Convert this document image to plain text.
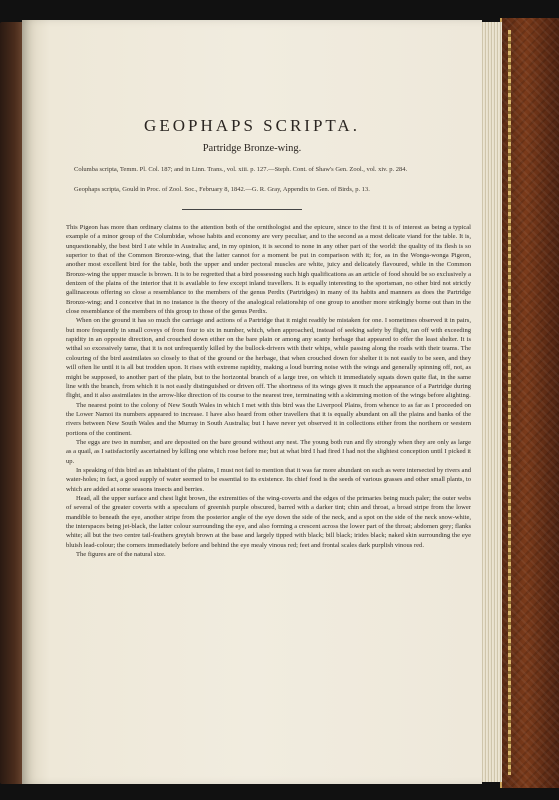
GEOPHAPS SCRIPTA.
Partridge Bronze-wing.
Columba scripta, Temm. Pl. Col. 187; and in Linn. Trans., vol. xiii. p. 127.—Steph. Cont. of Shaw's Gen. Zool., vol. xiv. p. 284.
Geophaps scripta, Gould in Proc. of Zool. Soc., February 8, 1842.—G. R. Gray, Appendix to Gen. of Birds, p. 13.

This Pigeon has more than ordinary claims to the attention both of the ornithologist and the epicure, since to the first it is of interest as being a typical example of a minor group of the Columbidæ, whose habits and economy are very peculiar, and to the second as a most delicate viand for the table. It is, unquestionably, the best bird I ate while in Australia; and, in my opinion, it is second to none in any other part of the world: the quality of its flesh is so superior to that of the Common Bronze-wing, that the latter cannot for a moment be put in comparison with it; for, as in the Wonga-wonga Pigeon, another most excellent bird for the table, both the upper and under pectoral muscles are white, juicy and delicately flavoured, while in the Common Bronze-wing the upper muscle is brown. It is to be regretted that a bird possessing such high qualifications as an article of food should be so exclusively a denizen of the plains of the interior that it is available to few except inland travellers. It is equally interesting to the sportsman, no other bird not strictly gallinaceous offering so close a resemblance to the members of the genus Perdix (Partridges) in many of its habits and manners as does the Partridge Bronze-wing; and I conceive that in no instance is the theory of the analogical relationship of one group to another more strikingly borne out than in the close resemblance of the members of this group to those of the genus Perdix.

When on the ground it has so much the carriage and actions of a Partridge that it might readily be mistaken for one. I sometimes observed it in pairs, but more frequently in small coveys of from four to six in number, which, when approached, instead of seeking safety by flight, ran off with exceeding rapidity in an opposite direction, and crouched down either on the bare plain or among any scanty herbage that appeared to offer the least shelter. It is withal so excessively tame, that it is not unfrequently killed by the bullock-drivers with their whips, while passing along the roads with their teams. The colouring of the bird assimilates so closely to that of the ground or the herbage, that when crouched down for shelter it is not easily to be seen, and they will often lie until it is all but trodden upon. It rises with extreme rapidity, making a loud burring noise with the wings and generally spinning off, not, as might be supposed, to another part of the plain, but to the horizontal branch of a large tree, on which it immediately squats down quite flat, in the same line with the branch, from which it is not easily distinguished or driven off. The shortness of its wings gives it much the appearance of a Partridge during flight, and it also assimilates in the arrow-like direction of its course to the nearest tree, terminating with a skimming motion of the wings before alighting.

The nearest point to the colony of New South Wales in which I met with this bird was the Liverpool Plains, from whence to as far as I proceeded on the Lower Namoi its numbers appeared to increase. I have also heard from other travellers that it is equally abundant on all the plains and banks of the rivers between New South Wales and the Murray in South Australia; but I have never yet observed it in collections either from the northern or western portions of the continent.

The eggs are two in number, and are deposited on the bare ground without any nest. The young both run and fly strongly when they are only as large as a quail, as I satisfactorily ascertained by killing one which rose before me; but at what bird I had fired I had not the slightest conception until I picked it up.

In speaking of this bird as an inhabitant of the plains, I must not fail to mention that it was far more abundant on such as were intersected by rivers and water-holes; in fact, a good supply of water seemed to be essential to its existence. Its chief food is the seeds of various grasses and other small plants, to which are added at some seasons insects and berries.

Head, all the upper surface and chest light brown, the extremities of the wing-coverts and the edges of the primaries being much paler; the outer webs of several of the greater coverts with a speculum of greenish purple obscured, barred with a darker tint; chin and throat, a broad stripe from the lower mandible to beneath the eye, another stripe from the posterior angle of the eye down the side of the neck, and a spot on the side of the neck snow-white, the interspaces being jet-black, the latter colour surrounding the eye, and also forming a crescent across the lower part of the throat; abdomen grey; flanks white; all but the two centre tail-feathers greyish brown at the base and largely tipped with black; bill black; irides black; naked skin surrounding the eye bluish lead-colour; the corners immediately before and behind the eye mealy vinous red; feet and frontal scales dark purplish vinous red.

The figures are of the natural size.
